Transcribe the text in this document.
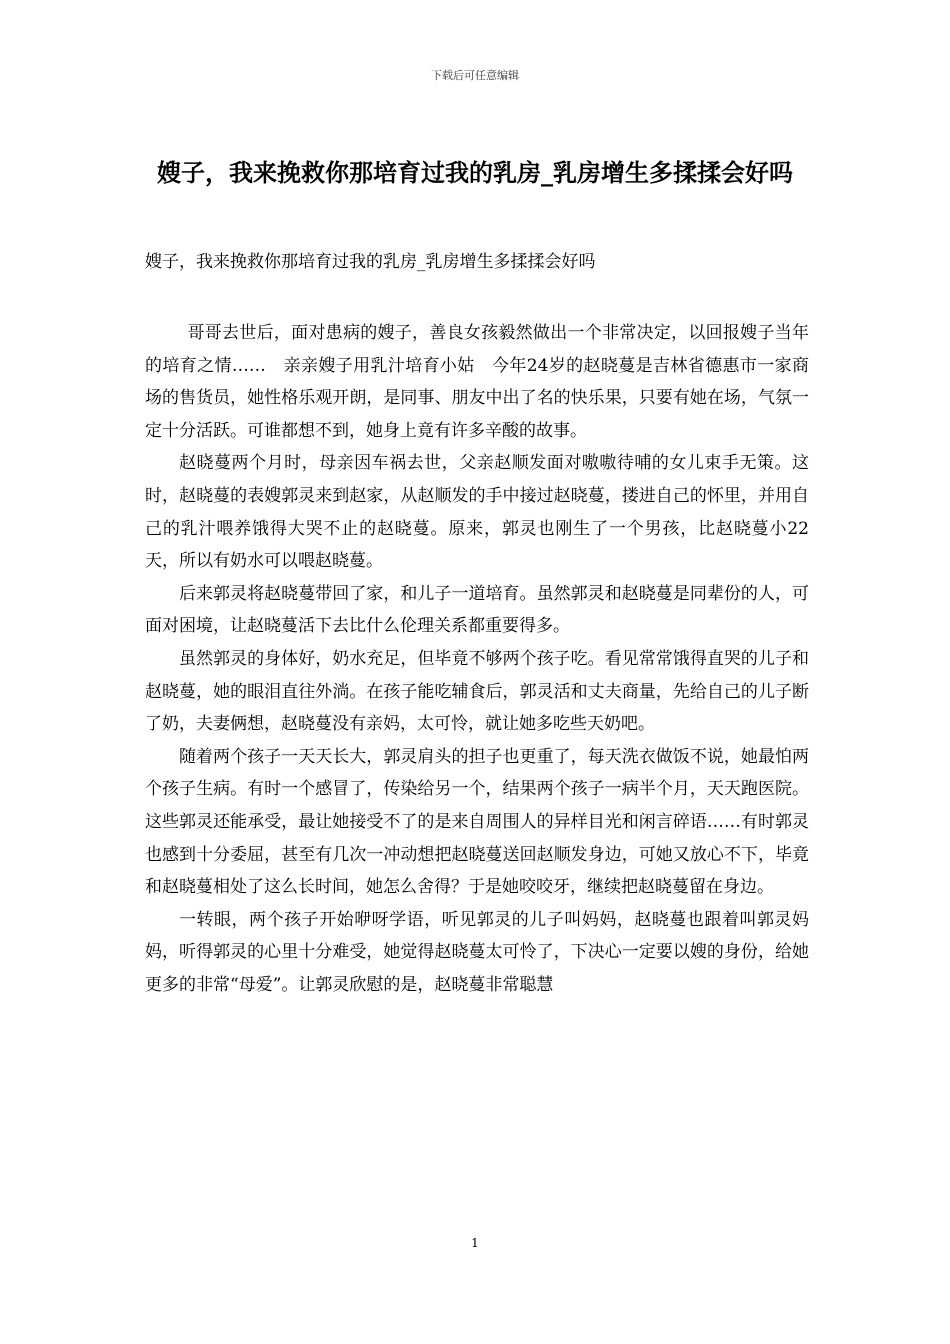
下载后可任意编辑
嫂子，我来挽救你那培育过我的乳房_乳房增生多揉揉会好吗
嫂子，我来挽救你那培育过我的乳房_乳房增生多揉揉会好吗

哥哥去世后，面对患病的嫂子，善良女孩毅然做出一个非常决定，以回报嫂子当年的培育之情……　亲亲嫂子用乳汁培育小姑　今年24岁的赵晓蔓是吉林省德惠市一家商场的售货员，她性格乐观开朗，是同事、朋友中出了名的快乐果，只要有她在场，气氛一定十分活跃。可谁都想不到，她身上竟有许多辛酸的故事。

赵晓蔓两个月时，母亲因车祸去世，父亲赵顺发面对嗷嗷待哺的女儿束手无策。这时，赵晓蔓的表嫂郭灵来到赵家，从赵顺发的手中接过赵晓蔓，搂进自己的怀里，并用自己的乳汁喂养饿得大哭不止的赵晓蔓。原来，郭灵也刚生了一个男孩，比赵晓蔓小22天，所以有奶水可以喂赵晓蔓。

后来郭灵将赵晓蔓带回了家，和儿子一道培育。虽然郭灵和赵晓蔓是同辈份的人，可面对困境，让赵晓蔓活下去比什么伦理关系都重要得多。

虽然郭灵的身体好，奶水充足，但毕竟不够两个孩子吃。看见常常饿得直哭的儿子和赵晓蔓，她的眼泪直往外淌。在孩子能吃辅食后，郭灵活和丈夫商量，先给自己的儿子断了奶，夫妻俩想，赵晓蔓没有亲妈，太可怜，就让她多吃些天奶吧。

随着两个孩子一天天长大，郭灵肩头的担子也更重了，每天洗衣做饭不说，她最怕两个孩子生病。有时一个感冒了，传染给另一个，结果两个孩子一病半个月，天天跑医院。这些郭灵还能承受，最让她接受不了的是来自周围人的异样目光和闲言碎语……有时郭灵也感到十分委屈，甚至有几次一冲动想把赵晓蔓送回赵顺发身边，可她又放心不下，毕竟和赵晓蔓相处了这么长时间，她怎么舍得？于是她咬咬牙，继续把赵晓蔓留在身边。

一转眼，两个孩子开始咿呀学语，听见郭灵的儿子叫妈妈，赵晓蔓也跟着叫郭灵妈妈，听得郭灵的心里十分难受，她觉得赵晓蔓太可怜了，下决心一定要以嫂的身份，给她更多的非常“母爱”。让郭灵欣慰的是，赵晓蔓非常聪慧

1
